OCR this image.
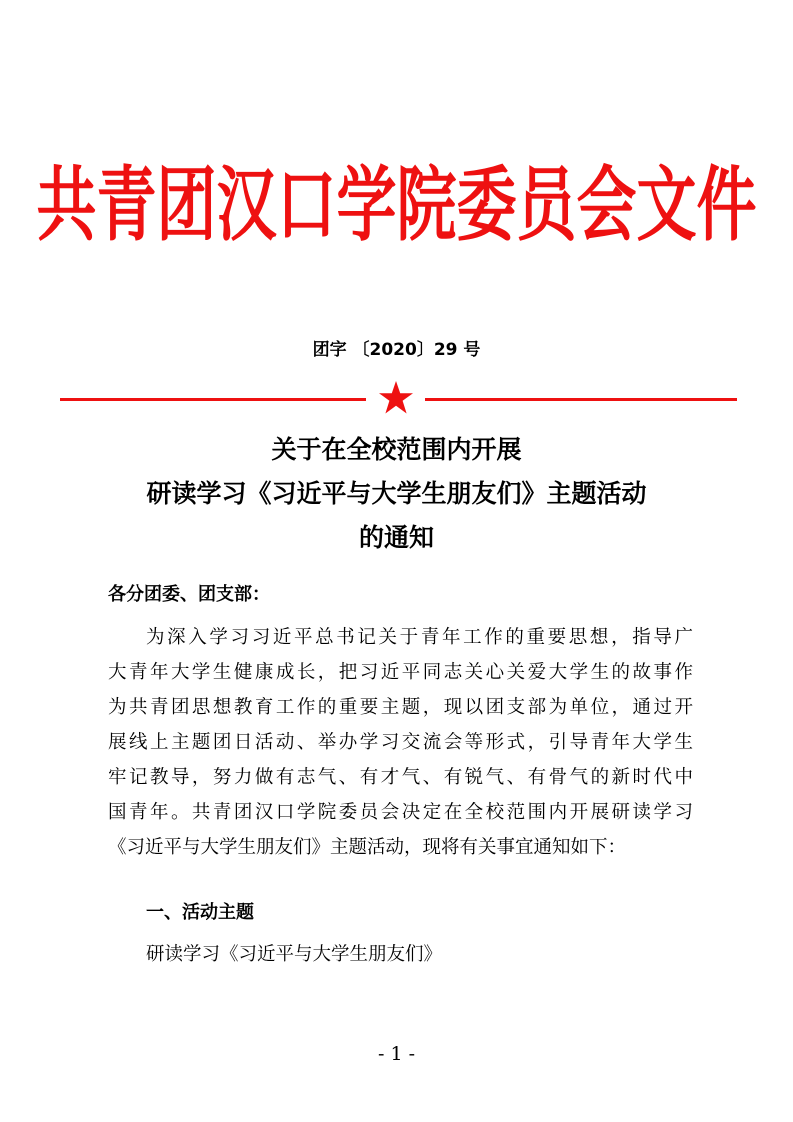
共青团汉口学院委员会文件
团字 〔2020〕29 号
关于在全校范围内开展
研读学习《习近平与大学生朋友们》主题活动
的通知
各分团委、团支部：
为深入学习习近平总书记关于青年工作的重要思想，指导广
大青年大学生健康成长，把习近平同志关心关爱大学生的故事作
为共青团思想教育工作的重要主题，现以团支部为单位，通过开
展线上主题团日活动、举办学习交流会等形式，引导青年大学生
牢记教导，努力做有志气、有才气、有锐气、有骨气的新时代中
国青年。共青团汉口学院委员会决定在全校范围内开展研读学习
《习近平与大学生朋友们》主题活动，现将有关事宜通知如下：
一、活动主题
研读学习《习近平与大学生朋友们》
- 1 -
